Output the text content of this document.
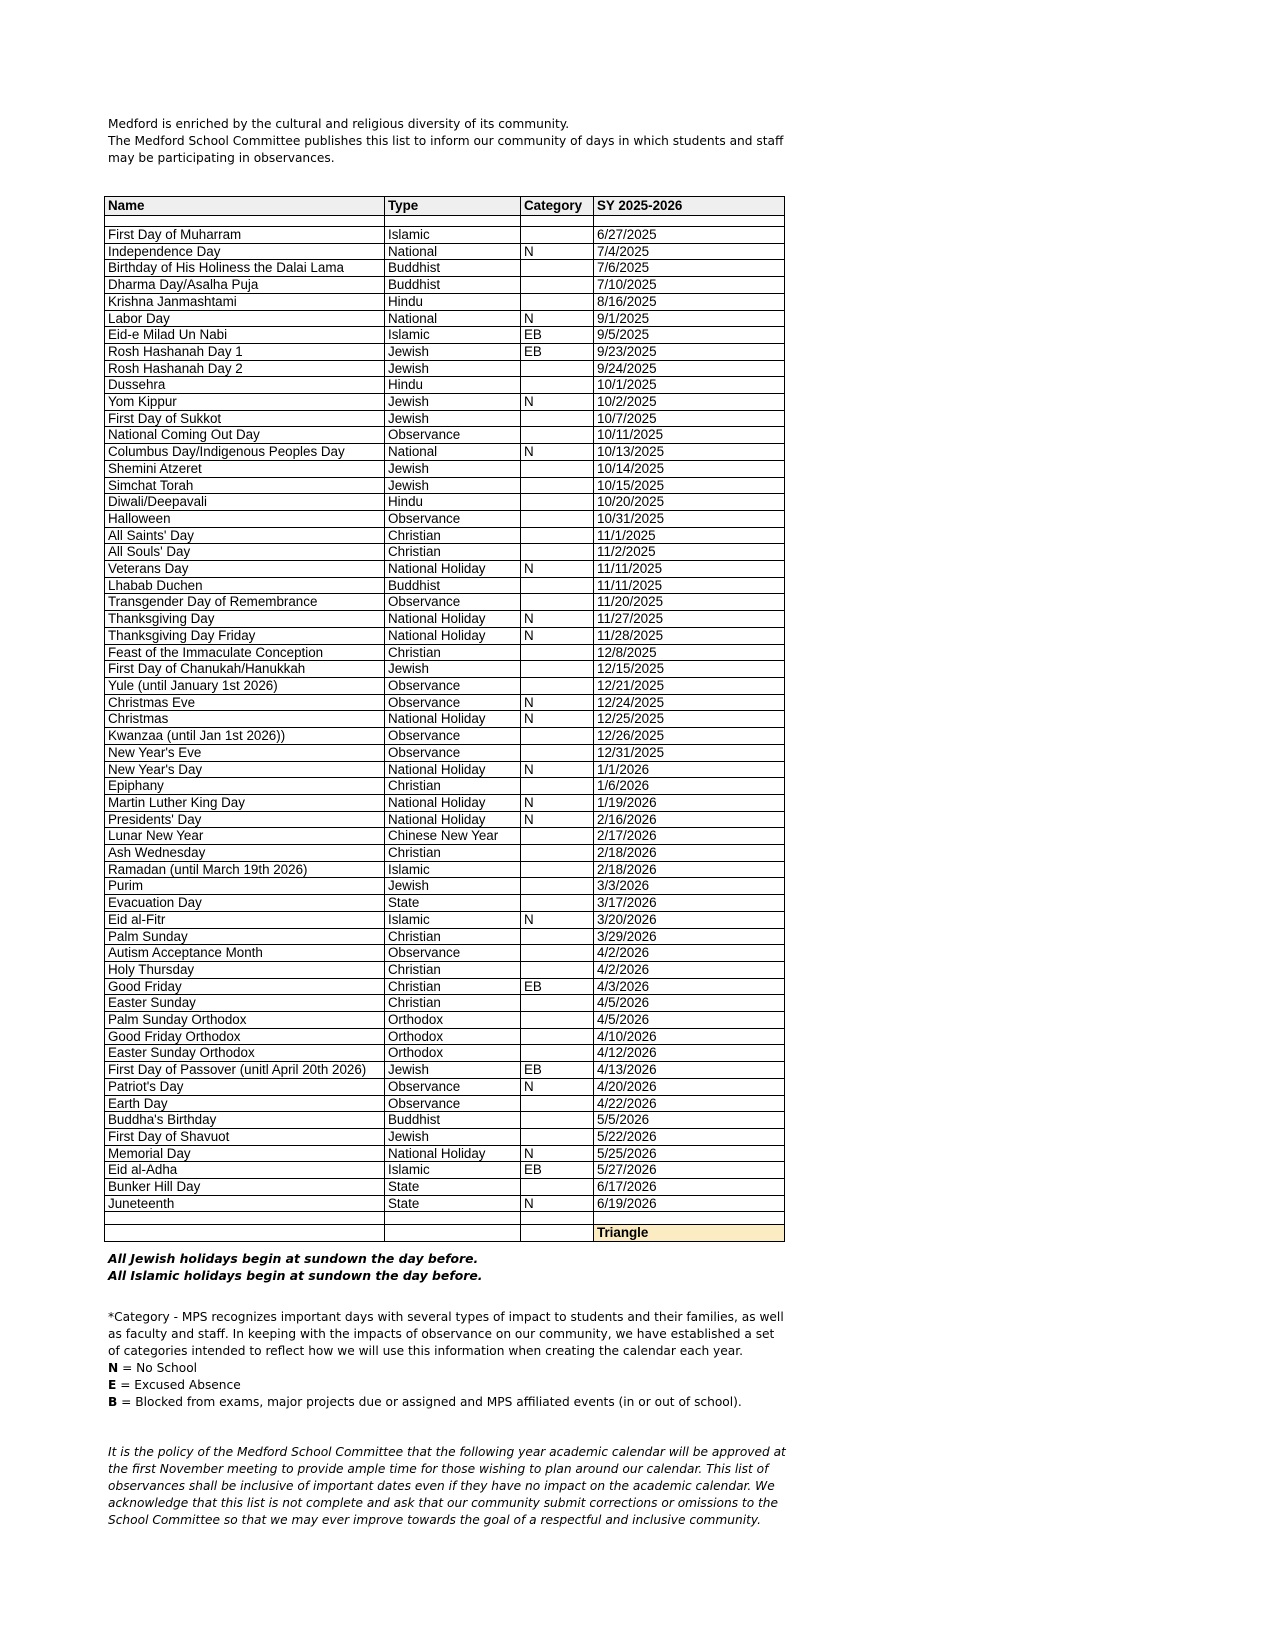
Medford is enriched by the cultural and religious diversity of its community.

The Medford School Committee publishes this list to inform our community of days in which students and staff may be participating in observances.

Name	Type	Category	SY 2025-2026

First Day of Muharram	Islamic		6/27/2025
Independence Day	National	N	7/4/2025
Birthday of His Holiness the Dalai Lama	Buddhist		7/6/2025
Dharma Day/Asalha Puja	Buddhist		7/10/2025
Krishna Janmashtami	Hindu		8/16/2025
Labor Day	National	N	9/1/2025
Eid-e Milad Un Nabi	Islamic	EB	9/5/2025
Rosh Hashanah Day 1	Jewish	EB	9/23/2025
Rosh Hashanah Day 2	Jewish		9/24/2025
Dussehra	Hindu		10/1/2025
Yom Kippur	Jewish	N	10/2/2025
First Day of Sukkot	Jewish		10/7/2025
National Coming Out Day	Observance		10/11/2025
Columbus Day/Indigenous Peoples Day	National	N	10/13/2025
Shemini Atzeret	Jewish		10/14/2025
Simchat Torah	Jewish		10/15/2025
Diwali/Deepavali	Hindu		10/20/2025
Halloween	Observance		10/31/2025
All Saints' Day	Christian		11/1/2025
All Souls' Day	Christian		11/2/2025
Veterans Day	National Holiday	N	11/11/2025
Lhabab Duchen	Buddhist		11/11/2025
Transgender Day of Remembrance	Observance		11/20/2025
Thanksgiving Day	National Holiday	N	11/27/2025
Thanksgiving Day Friday	National Holiday	N	11/28/2025
Feast of the Immaculate Conception	Christian		12/8/2025
First Day of Chanukah/Hanukkah	Jewish		12/15/2025
Yule (until January 1st 2026)	Observance		12/21/2025
Christmas Eve	Observance	N	12/24/2025
Christmas	National Holiday	N	12/25/2025
Kwanzaa (until Jan 1st 2026))	Observance		12/26/2025
New Year's Eve	Observance		12/31/2025
New Year's Day	National Holiday	N	1/1/2026
Epiphany	Christian		1/6/2026
Martin Luther King Day	National Holiday	N	1/19/2026
Presidents' Day	National Holiday	N	2/16/2026
Lunar New Year	Chinese New Year		2/17/2026
Ash Wednesday	Christian		2/18/2026
Ramadan (until March 19th 2026)	Islamic		2/18/2026
Purim	Jewish		3/3/2026
Evacuation Day	State		3/17/2026
Eid al-Fitr	Islamic	N	3/20/2026
Palm Sunday	Christian		3/29/2026
Autism Acceptance Month	Observance		4/2/2026
Holy Thursday	Christian		4/2/2026
Good Friday	Christian	EB	4/3/2026
Easter Sunday	Christian		4/5/2026
Palm Sunday Orthodox	Orthodox		4/5/2026
Good Friday Orthodox	Orthodox		4/10/2026
Easter Sunday Orthodox	Orthodox		4/12/2026
First Day of Passover (unitl April 20th 2026)	Jewish	EB	4/13/2026
Patriot's Day	Observance	N	4/20/2026
Earth Day	Observance		4/22/2026
Buddha's Birthday	Buddhist		5/5/2026
First Day of Shavuot	Jewish		5/22/2026
Memorial Day	National Holiday	N	5/25/2026
Eid al-Adha	Islamic	EB	5/27/2026
Bunker Hill Day	State		6/17/2026
Juneteenth	State	N	6/19/2026

			Triangle

All Jewish holidays begin at sundown the day before.

All Islamic holidays begin at sundown the day before.

*Category - MPS recognizes important days with several types of impact to students and their families, as well as faculty and staff. In keeping with the impacts of observance on our community, we have established a set of categories intended to reflect how we will use this information when creating the calendar each year.

N = No School

E = Excused Absence

B = Blocked from exams, major projects due or assigned and MPS affiliated events (in or out of school).

It is the policy of the Medford School Committee that the following year academic calendar will be approved at the first November meeting to provide ample time for those wishing to plan around our calendar. This list of observances shall be inclusive of important dates even if they have no impact on the academic calendar. We acknowledge that this list is not complete and ask that our community submit corrections or omissions to the School Committee so that we may ever improve towards the goal of a respectful and inclusive community.
